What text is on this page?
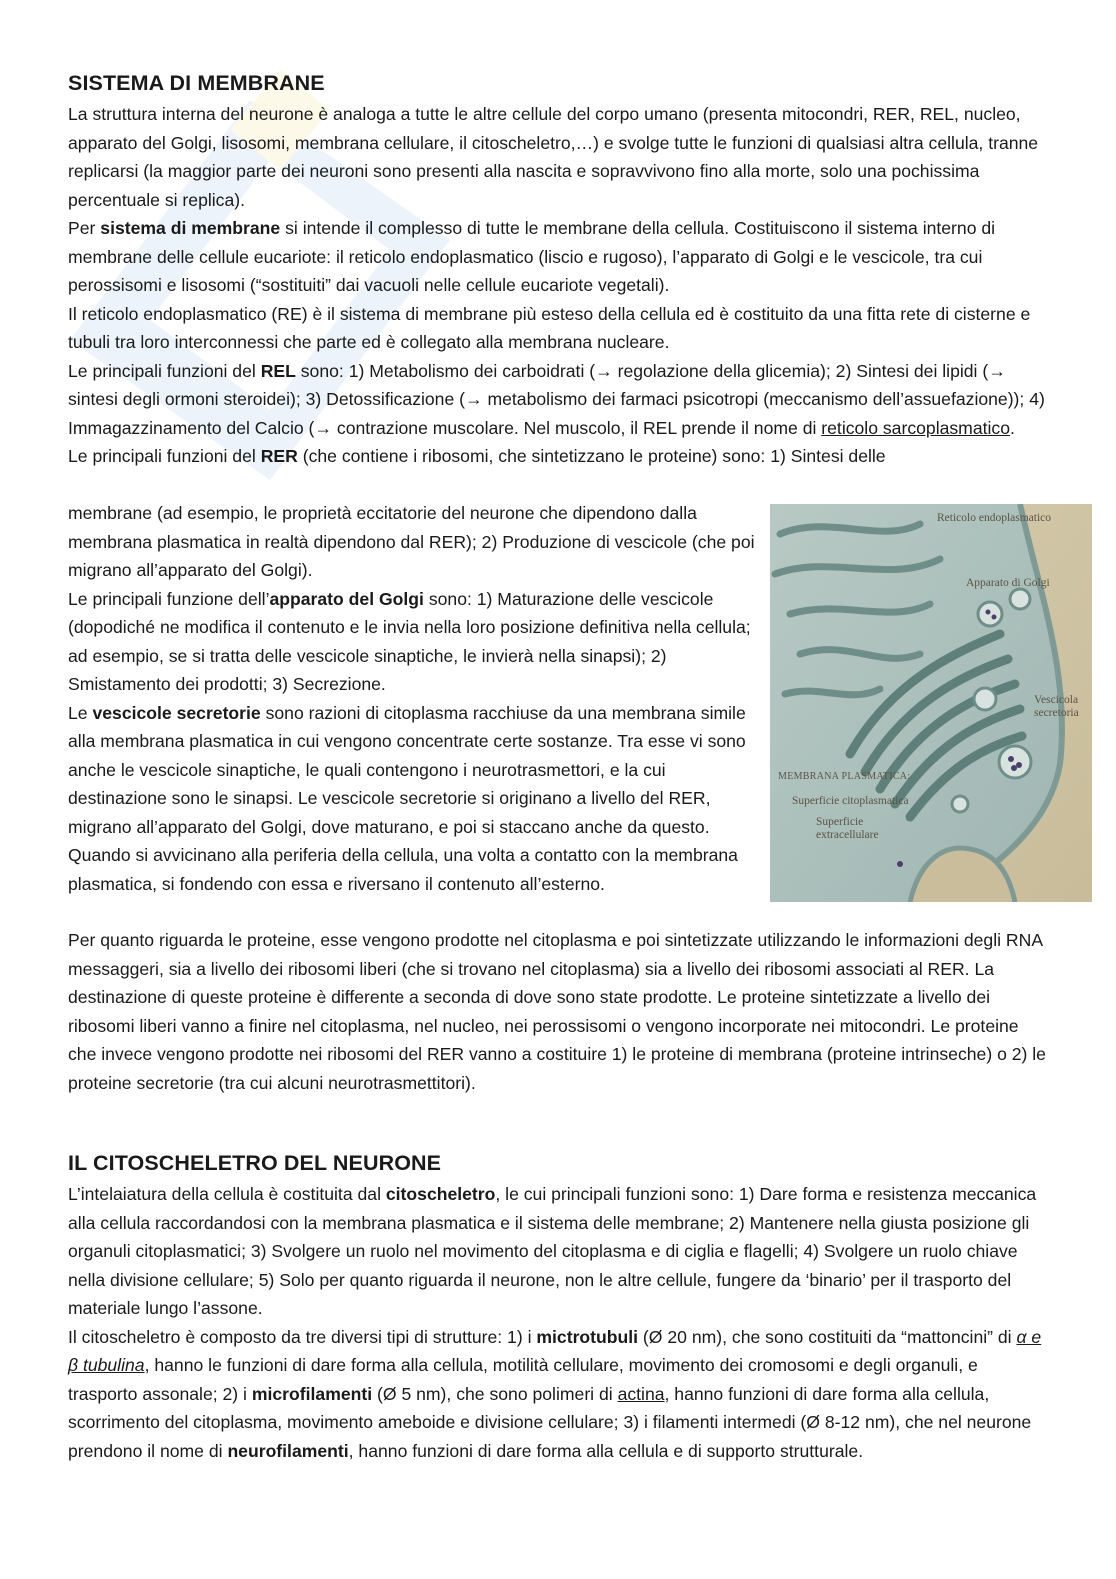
SISTEMA DI MEMBRANE

La struttura interna del neurone è analoga a tutte le altre cellule del corpo umano (presenta mitocondri, RER, REL, nucleo, apparato del Golgi, lisosomi, membrana cellulare, il citoscheletro,…) e svolge tutte le funzioni di qualsiasi altra cellula, tranne replicarsi (la maggior parte dei neuroni sono presenti alla nascita e sopravvivono fino alla morte, solo una pochissima percentuale si replica).

Per sistema di membrane si intende il complesso di tutte le membrane della cellula. Costituiscono il sistema interno di membrane delle cellule eucariote: il reticolo endoplasmatico (liscio e rugoso), l’apparato di Golgi e le vescicole, tra cui perossisomi e lisosomi (“sostituiti” dai vacuoli nelle cellule eucariote vegetali).

Il reticolo endoplasmatico (RE) è il sistema di membrane più esteso della cellula ed è costituito da una fitta rete di cisterne e tubuli tra loro interconnessi che parte ed è collegato alla membrana nucleare.

Le principali funzioni del REL sono: 1) Metabolismo dei carboidrati (→ regolazione della glicemia); 2) Sintesi dei lipidi (→ sintesi degli ormoni steroidei); 3) Detossificazione (→ metabolismo dei farmaci psicotropi (meccanismo dell’assuefazione)); 4) Immagazzinamento del Calcio (→ contrazione muscolare. Nel muscolo, il REL prende il nome di reticolo sarcoplasmatico.

Le principali funzioni del RER (che contiene i ribosomi, che sintetizzano le proteine) sono: 1) Sintesi delle

membrane (ad esempio, le proprietà eccitatorie del neurone che dipendono dalla membrana plasmatica in realtà dipendono dal RER); 2) Produzione di vescicole (che poi migrano all’apparato del Golgi).

Le principali funzione dell’apparato del Golgi sono: 1) Maturazione delle vescicole (dopodiché ne modifica il contenuto e le invia nella loro posizione definitiva nella cellula; ad esempio, se si tratta delle vescicole sinaptiche, le invierà nella sinapsi); 2) Smistamento dei prodotti; 3) Secrezione.

Le vescicole secretorie sono razioni di citoplasma racchiuse da una membrana simile alla membrana plasmatica in cui vengono concentrate certe sostanze. Tra esse vi sono anche le vescicole sinaptiche, le quali contengono i neurotrasmettori, e la cui destinazione sono le sinapsi. Le vescicole secretorie si originano a livello del RER, migrano all’apparato del Golgi, dove maturano, e poi si staccano anche da questo. Quando si avvicinano alla periferia della cellula, una volta a contatto con la membrana plasmatica, si fondendo con essa e riversano il contenuto all’esterno.

Reticolo endoplasmatico
Apparato di Golgi
Vescicola secretoria
MEMBRANA PLASMATICA:
Superficie citoplasmatica
Superficie extracellulare

Per quanto riguarda le proteine, esse vengono prodotte nel citoplasma e poi sintetizzate utilizzando le informazioni degli RNA messaggeri, sia a livello dei ribosomi liberi (che si trovano nel citoplasma) sia a livello dei ribosomi associati al RER. La destinazione di queste proteine è differente a seconda di dove sono state prodotte. Le proteine sintetizzate a livello dei ribosomi liberi vanno a finire nel citoplasma, nel nucleo, nei perossisomi o vengono incorporate nei mitocondri. Le proteine che invece vengono prodotte nei ribosomi del RER vanno a costituire 1) le proteine di membrana (proteine intrinseche) o 2) le proteine secretorie (tra cui alcuni neurotrasmettitori).

IL CITOSCHELETRO DEL NEURONE

L’intelaiatura della cellula è costituita dal citoscheletro, le cui principali funzioni sono: 1) Dare forma e resistenza meccanica alla cellula raccordandosi con la membrana plasmatica e il sistema delle membrane; 2) Mantenere nella giusta posizione gli organuli citoplasmatici; 3) Svolgere un ruolo nel movimento del citoplasma e di ciglia e flagelli; 4) Svolgere un ruolo chiave nella divisione cellulare; 5) Solo per quanto riguarda il neurone, non le altre cellule, fungere da ‘binario’ per il trasporto del materiale lungo l’assone.

Il citoscheletro è composto da tre diversi tipi di strutture: 1) i mictrotubuli (Ø 20 nm), che sono costituiti da “mattoncini” di α e β tubulina, hanno le funzioni di dare forma alla cellula, motilità cellulare, movimento dei cromosomi e degli organuli, e trasporto assonale; 2) i microfilamenti (Ø 5 nm), che sono polimeri di actina, hanno funzioni di dare forma alla cellula, scorrimento del citoplasma, movimento ameboide e divisione cellulare; 3) i filamenti intermedi (Ø 8-12 nm), che nel neurone prendono il nome di neurofilamenti, hanno funzioni di dare forma alla cellula e di supporto strutturale.
